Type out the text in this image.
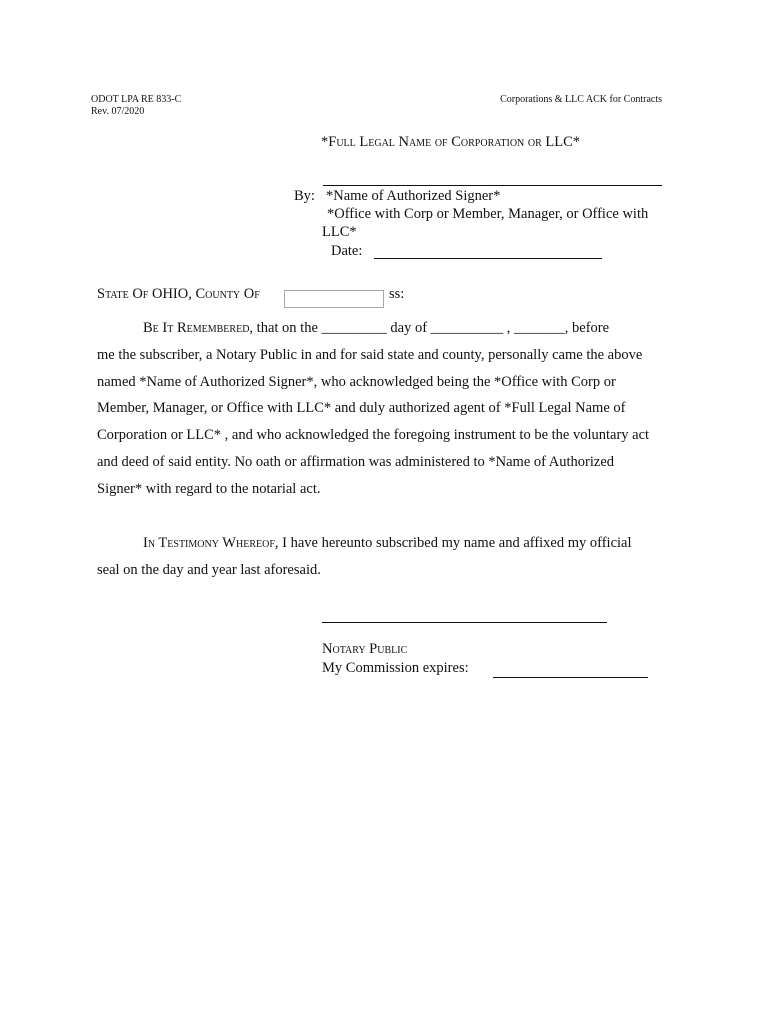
ODOT LPA RE 833-C
Rev. 07/2020
Corporations & LLC ACK for Contracts
*Full Legal Name of Corporation or LLC*
By: *Name of Authorized Signer*
*Office with Corp or Member, Manager, or Office with LLC*
Date:
State Of OHIO, County Of	ss:
Be It Remembered, that on the _________ day of __________ , _______, before
me the subscriber, a Notary Public in and for said state and county, personally came the above
named *Name of Authorized Signer*, who acknowledged being the *Office with Corp or
Member, Manager, or Office with LLC* and duly authorized agent of *Full Legal Name of
Corporation or LLC* , and who acknowledged the foregoing instrument to be the voluntary act
and deed of said entity. No oath or affirmation was administered to *Name of Authorized
Signer* with regard to the notarial act.
In Testimony Whereof, I have hereunto subscribed my name and affixed my official
seal on the day and year last aforesaid.
Notary Public
My Commission expires:
